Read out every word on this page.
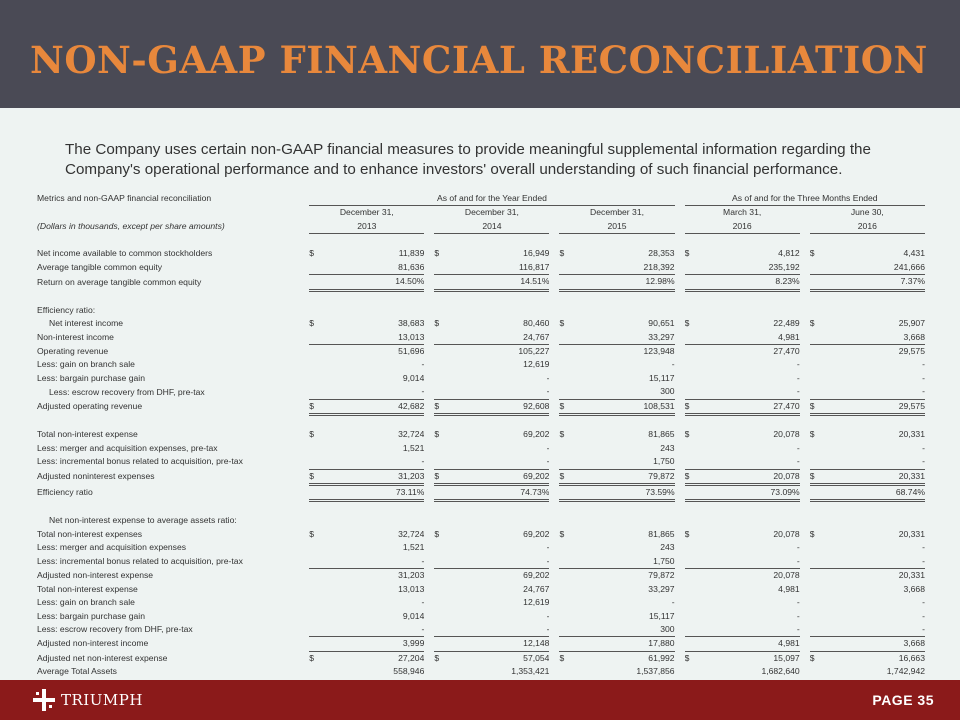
NON-GAAP FINANCIAL RECONCILIATION

The Company uses certain non-GAAP financial measures to provide meaningful supplemental information regarding the Company's operational performance and to enhance investors' overall understanding of such financial performance.

Metrics and non-GAAP financial reconciliation		As of and for the Year Ended									As of and for the Three Months Ended				
		December 31,			December 31,			December 31,			March 31,			June 30,	
(Dollars in thousands, except per share amounts)		2013			2014			2015			2016			2016	

Net income available to common stockholders		$	11,839		$	16,949		$	28,353		$	4,812		$	4,431
Average tangible common equity			81,636			116,817			218,392			235,192			241,666
Return on average tangible common equity			14.50%			14.51%			12.98%			8.23%			7.37%

Efficiency ratio:															
Net interest income		$	38,683		$	80,460		$	90,651		$	22,489		$	25,907
Non-interest income			13,013			24,767			33,297			4,981			3,668
Operating revenue			51,696			105,227			123,948			27,470			29,575
Less: gain on branch sale			-			12,619			-			-			-
Less: bargain purchase gain			9,014			-			15,117			-			-
Less: escrow recovery from DHF, pre-tax			-			-			300			-			-
Adjusted operating revenue		$	42,682		$	92,608		$	108,531		$	27,470		$	29,575

Total non-interest expense		$	32,724		$	69,202		$	81,865		$	20,078		$	20,331
Less: merger and acquisition expenses, pre-tax			1,521			-			243			-			-
Less: incremental bonus related to acquisition, pre-tax			-			-			1,750			-			-
Adjusted noninterest expenses		$	31,203		$	69,202		$	79,872		$	20,078		$	20,331
Efficiency ratio			73.11%			74.73%			73.59%			73.09%			68.74%

Net non-interest expense to average assets ratio:															
Total non-interest expenses		$	32,724		$	69,202		$	81,865		$	20,078		$	20,331
Less: merger and acquisition expenses			1,521			-			243			-			-
Less: incremental bonus related to acquisition, pre-tax			-			-			1,750			-			-
Adjusted non-interest expense			31,203			69,202			79,872			20,078			20,331
Total non-interest expense			13,013			24,767			33,297			4,981			3,668
Less: gain on branch sale			-			12,619			-			-			-
Less: bargain purchase gain			9,014			-			15,117			-			-
Less: escrow recovery from DHF, pre-tax			-			-			300			-			-
Adjusted non-interest income			3,999			12,148			17,880			4,981			3,668
Adjusted net non-interest expense		$	27,204		$	57,054		$	61,992		$	15,097		$	16,663
Average Total Assets			558,946			1,353,421			1,537,856			1,682,640			1,742,942

TRIUMPH	PAGE 35
